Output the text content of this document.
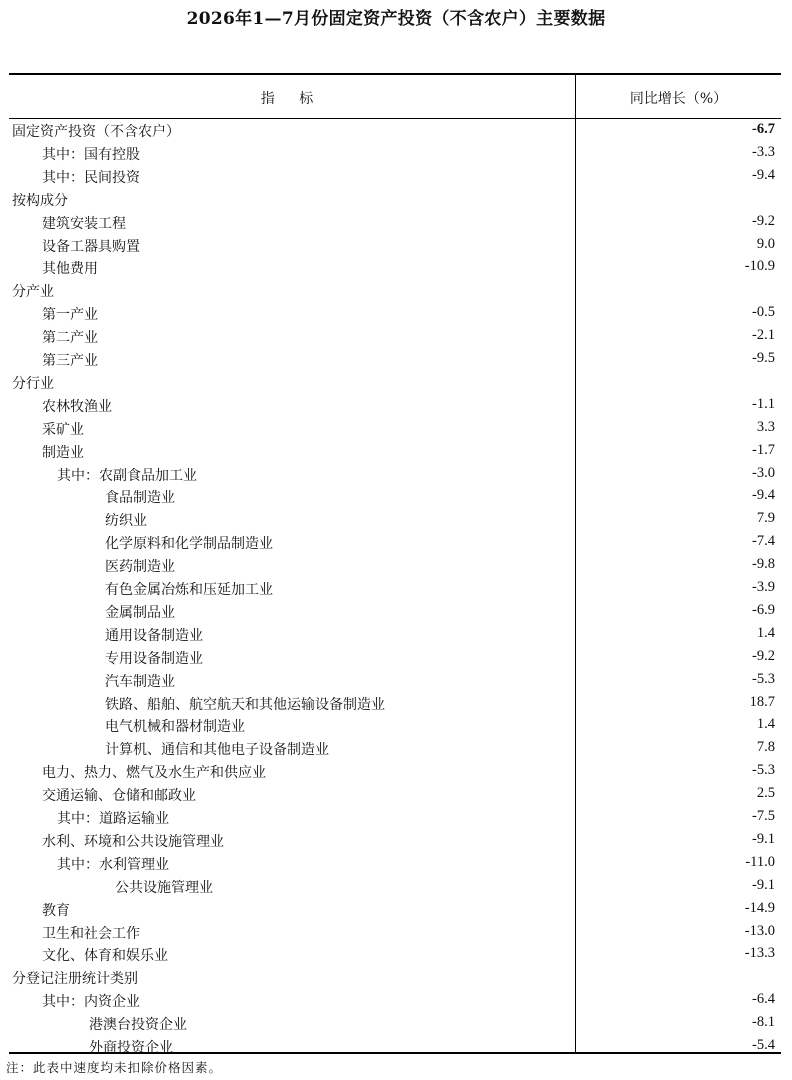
2026年1—7月份固定资产投资（不含农户）主要数据
指 标	同比增长（%）
固定资产投资（不含农户）	-6.7
其中：国有控股	-3.3
其中：民间投资	-9.4
按构成分
建筑安装工程	-9.2
设备工器具购置	9.0
其他费用	-10.9
分产业
第一产业	-0.5
第二产业	-2.1
第三产业	-9.5
分行业
农林牧渔业	-1.1
采矿业	3.3
制造业	-1.7
其中：农副食品加工业	-3.0
食品制造业	-9.4
纺织业	7.9
化学原料和化学制品制造业	-7.4
医药制造业	-9.8
有色金属冶炼和压延加工业	-3.9
金属制品业	-6.9
通用设备制造业	1.4
专用设备制造业	-9.2
汽车制造业	-5.3
铁路、船舶、航空航天和其他运输设备制造业	18.7
电气机械和器材制造业	1.4
计算机、通信和其他电子设备制造业	7.8
电力、热力、燃气及水生产和供应业	-5.3
交通运输、仓储和邮政业	2.5
其中：道路运输业	-7.5
水利、环境和公共设施管理业	-9.1
其中：水利管理业	-11.0
公共设施管理业	-9.1
教育	-14.9
卫生和社会工作	-13.0
文化、体育和娱乐业	-13.3
分登记注册统计类别
其中：内资企业	-6.4
港澳台投资企业	-8.1
外商投资企业	-5.4
注：此表中速度均未扣除价格因素。
